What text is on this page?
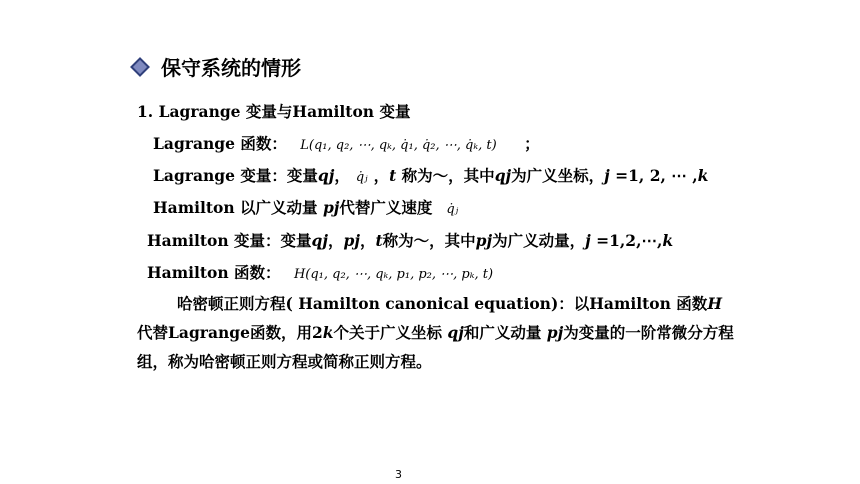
保守系统的情形
1. Lagrange 变量与Hamilton 变量
Lagrange 函数： L(q₁, q₂, ⋯, qₖ, q̇₁, q̇₂, ⋯, q̇ₖ, t) ；
Lagrange 变量：变量qj， q̇ⱼ ，t 称为～，其中qj为广义坐标，j =1, 2, ⋯ ,k
Hamilton 以广义动量 pj代替广义速度 q̇ⱼ
Hamilton 变量：变量qj，pj，t称为～，其中pj为广义动量，j =1,2,⋯,k
Hamilton 函数： H(q₁, q₂, ⋯, qₖ, p₁, p₂, ⋯, pₖ, t)
哈密顿正则方程( Hamilton canonical equation)：以Hamilton 函数H代替Lagrange函数，用2k个关于广义坐标 qj和广义动量 pj为变量的一阶常微分方程组，称为哈密顿正则方程或简称正则方程。
3
